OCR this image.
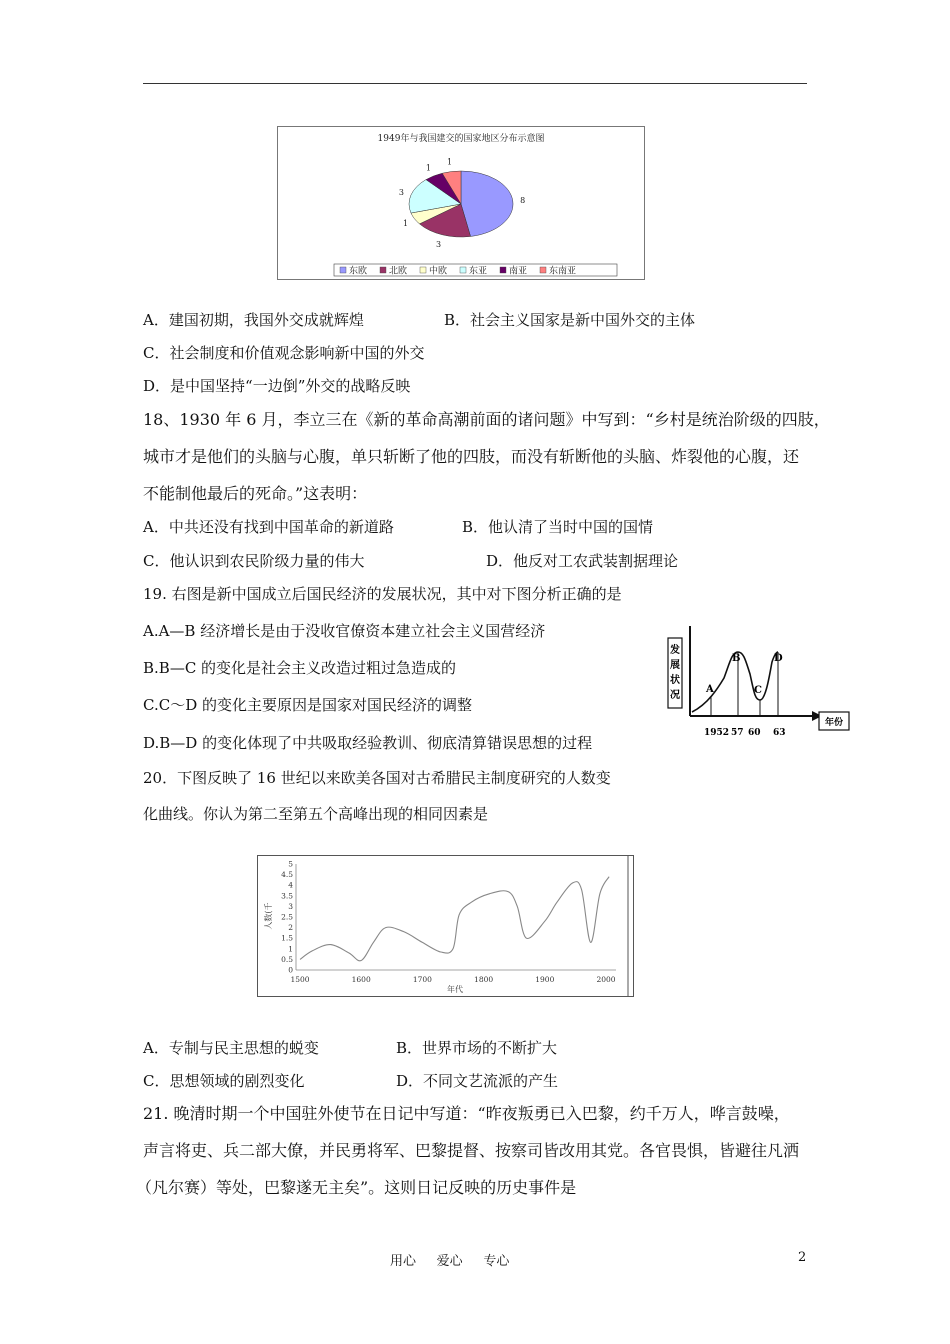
1949年与我国建交的国家地区分布示意图
8
3
1
3
1
1
东欧 北欧 中欧 东亚 南亚 东南亚
A．建国初期，我国外交成就辉煌	B．社会主义国家是新中国外交的主体
C．社会制度和价值观念影响新中国的外交
D．是中国坚持“一边倒”外交的战略反映
18、1930 年 6 月，李立三在《新的革命高潮前面的诸问题》中写到：“乡村是统治阶级的四肢，
城市才是他们的头脑与心腹，单只斩断了他的四肢，而没有斩断他的头脑、炸裂他的心腹，还
不能制他最后的死命。”这表明：
A．中共还没有找到中国革命的新道路	B．他认清了当时中国的国情
C．他认识到农民阶级力量的伟大	D．他反对工农武装割据理论
19. 右图是新中国成立后国民经济的发展状况，其中对下图分析正确的是
A.A—B 经济增长是由于没收官僚资本建立社会主义国营经济
B.B—C 的变化是社会主义改造过粗过急造成的
C.C～D 的变化主要原因是国家对国民经济的调整
D.B—D 的变化体现了中共吸取经验教训、彻底清算错误思想的过程
发
展
状
况
A
B
C
D
1952 57 60 63
年份
20．下图反映了 16 世纪以来欧美各国对古希腊民主制度研究的人数变
化曲线。你认为第二至第五个高峰出现的相同因素是
0
0.5
1
1.5
2
2.5
3
3.5
4
4.5
5
1500	1600	1700	1800	1900	2000
人数(千
年代
A．专制与民主思想的蜕变	B．世界市场的不断扩大
C．思想领域的剧烈变化	D．不同文艺流派的产生
21. 晚清时期一个中国驻外使节在日记中写道：“昨夜叛勇已入巴黎，约千万人，哗言鼓噪，
声言将吏、兵二部大僚，并民勇将军、巴黎提督、按察司皆改用其党。各官畏惧，皆避往凡洒
（凡尔赛）等处，巴黎遂无主矣”。这则日记反映的历史事件是
用心     爱心     专心	2
